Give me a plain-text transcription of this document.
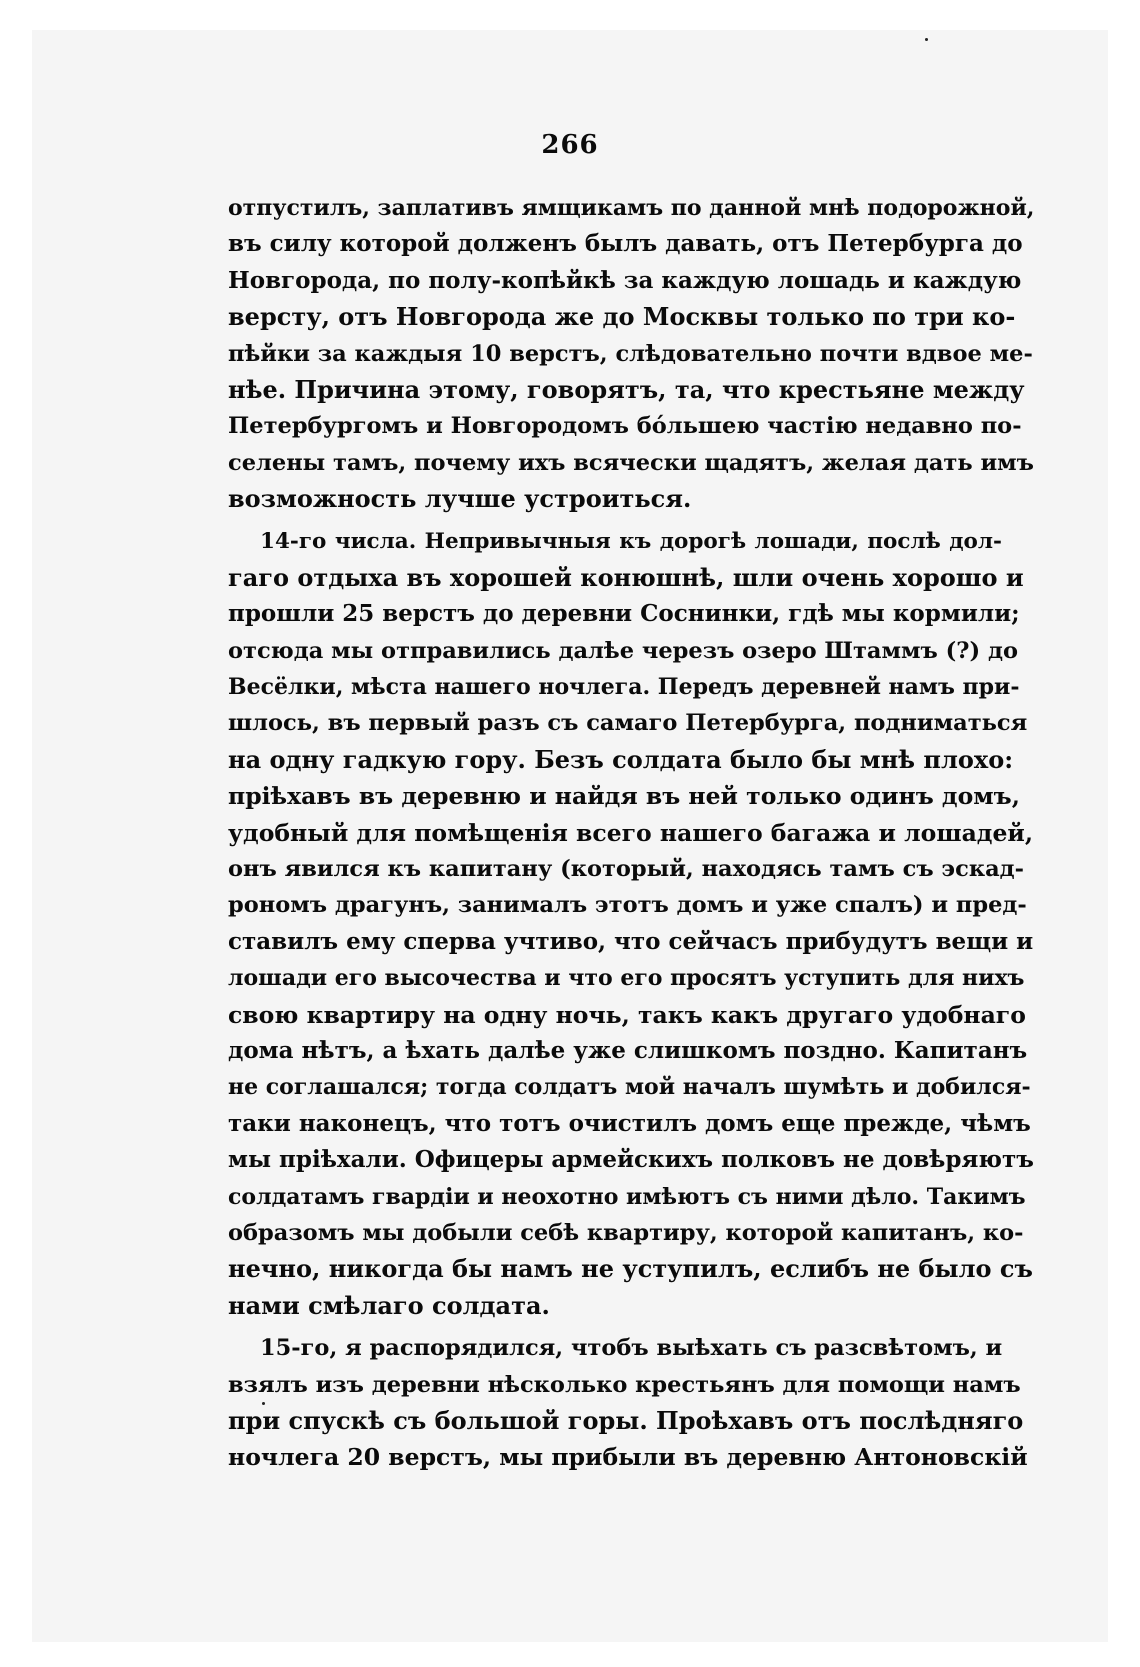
266
отпустилъ, заплативъ ямщикамъ по данной мнѣ подорожной,
въ силу которой долженъ былъ давать, отъ Петербурга до
Новгорода, по полу-копѣйкѣ за каждую лошадь и каждую
версту, отъ Новгорода же до Москвы только по три ко-
пѣйки за каждыя 10 верстъ, слѣдовательно почти вдвое ме-
нѣе. Причина этому, говорятъ, та, что крестьяне между
Петербургомъ и Новгородомъ бо́льшею частію недавно по-
селены тамъ, почему ихъ всячески щадятъ, желая дать имъ
возможность лучше устроиться.
14-го числа. Непривычныя къ дорогѣ лошади, послѣ дол-
гаго отдыха въ хорошей конюшнѣ, шли очень хорошо и
прошли 25 верстъ до деревни Соснинки, гдѣ мы кормили;
отсюда мы отправились далѣе черезъ озеро Штаммъ (?) до
Весёлки, мѣста нашего ночлега. Передъ деревней намъ при-
шлось, въ первый разъ съ самаго Петербурга, подниматься
на одну гадкую гору. Безъ солдата было бы мнѣ плохо:
пріѣхавъ въ деревню и найдя въ ней только одинъ домъ,
удобный для помѣщенія всего нашего багажа и лошадей,
онъ явился къ капитану (который, находясь тамъ съ эскад-
рономъ драгунъ, занималъ этотъ домъ и уже спалъ) и пред-
ставилъ ему сперва учтиво, что сейчасъ прибудутъ вещи и
лошади его высочества и что его просятъ уступить для нихъ
свою квартиру на одну ночь, такъ какъ другаго удобнаго
дома нѣтъ, а ѣхать далѣе уже слишкомъ поздно. Капитанъ
не соглашался; тогда солдатъ мой началъ шумѣть и добился-
таки наконецъ, что тотъ очистилъ домъ еще прежде, чѣмъ
мы пріѣхали. Офицеры армейскихъ полковъ не довѣряютъ
солдатамъ гвардіи и неохотно имѣютъ съ ними дѣло. Такимъ
образомъ мы добыли себѣ квартиру, которой капитанъ, ко-
нечно, никогда бы намъ не уступилъ, еслибъ не было съ
нами смѣлаго солдата.
15-го, я распорядился, чтобъ выѣхать съ разсвѣтомъ, и
взялъ изъ деревни нѣсколько крестьянъ для помощи намъ
при спускѣ съ большой горы. Проѣхавъ отъ послѣдняго
ночлега 20 верстъ, мы прибыли въ деревню Антоновскій
